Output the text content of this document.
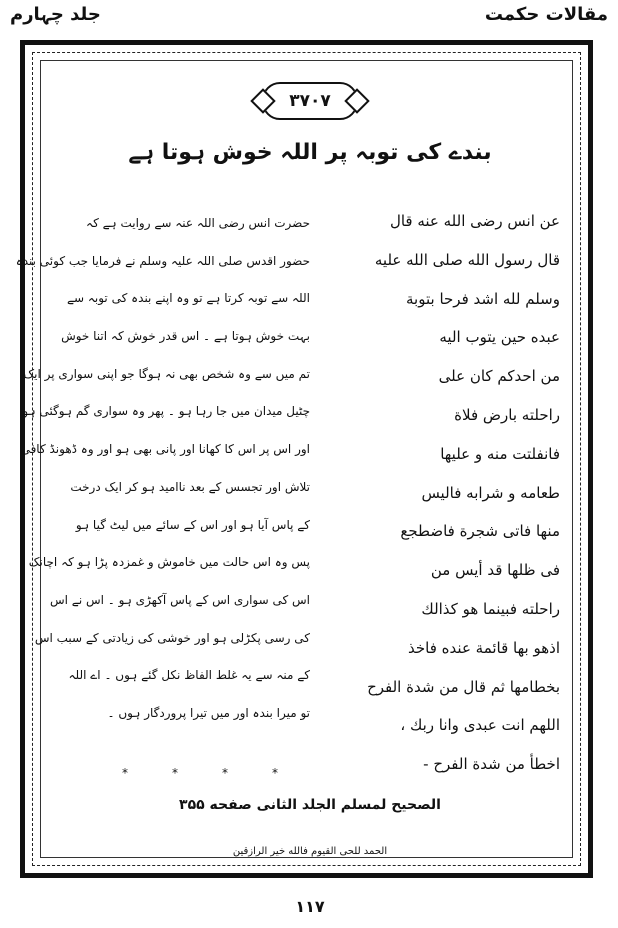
جلد چہارم	مقالات حکمت
۳۷۰۷
بندے کی توبہ پر اللہ خوش ہوتا ہے
عن انس رضی الله عنه قال
قال رسول الله صلی الله علیه
وسلم لله اشد فرحا بتوبة
عبده حین یتوب الیه
من احدکم کان علی
راحلته بارض فلاة
فانفلتت منه و علیها
طعامه و شرابه فالیس
منها فاتی شجرة فاضطجع
فی ظلها قد أیس من
راحلته فبینما هو کذالك
اذهو بها قائمة عنده فاخذ
بخطامها ثم قال من شدة الفرح
اللهم انت عبدی وانا ربك ،
اخطأ من شدة الفرح -
حضرت انس رضی اللہ عنہ سے روایت ہے کہ
حضور اقدس صلی اللہ علیہ وسلم نے فرمایا جب کوئی بندہ
اللہ سے توبہ کرتا ہے تو وہ اپنے بندہ کی توبہ سے
بہت خوش ہوتا ہے ۔ اس قدر خوش کہ اتنا خوش
تم میں سے وہ شخص بھی نہ ہوگا جو اپنی سواری پر ایک
چٹیل میدان میں جا رہا ہو ۔ پھر وہ سواری گم ہوگئی ہو
اور اس پر اس کا کھانا اور پانی بھی ہو اور وہ ڈھونڈ کافی
تلاش اور تجسس کے بعد ناامید ہو کر ایک درخت
کے پاس آیا ہو اور اس کے سائے میں لیٹ گیا ہو
پس وہ اس حالت میں خاموش و غمزدہ پڑا ہو کہ اچانک
اس کی سواری اس کے پاس آکھڑی ہو ۔ اس نے اس
کی رسی پکڑلی ہو اور خوشی کی زیادتی کے سبب اس
کے منہ سے یہ غلط الفاظ نکل گئے ہوں ۔ اے اللہ
تو میرا بندہ اور میں تیرا پروردگار ہوں ۔
*	*	*	*
الصحیح لمسلم الجلد الثانی صفحه ۳۵۵
الحمد للحی القیوم فالله خیر الرازقین
۱۱۷
